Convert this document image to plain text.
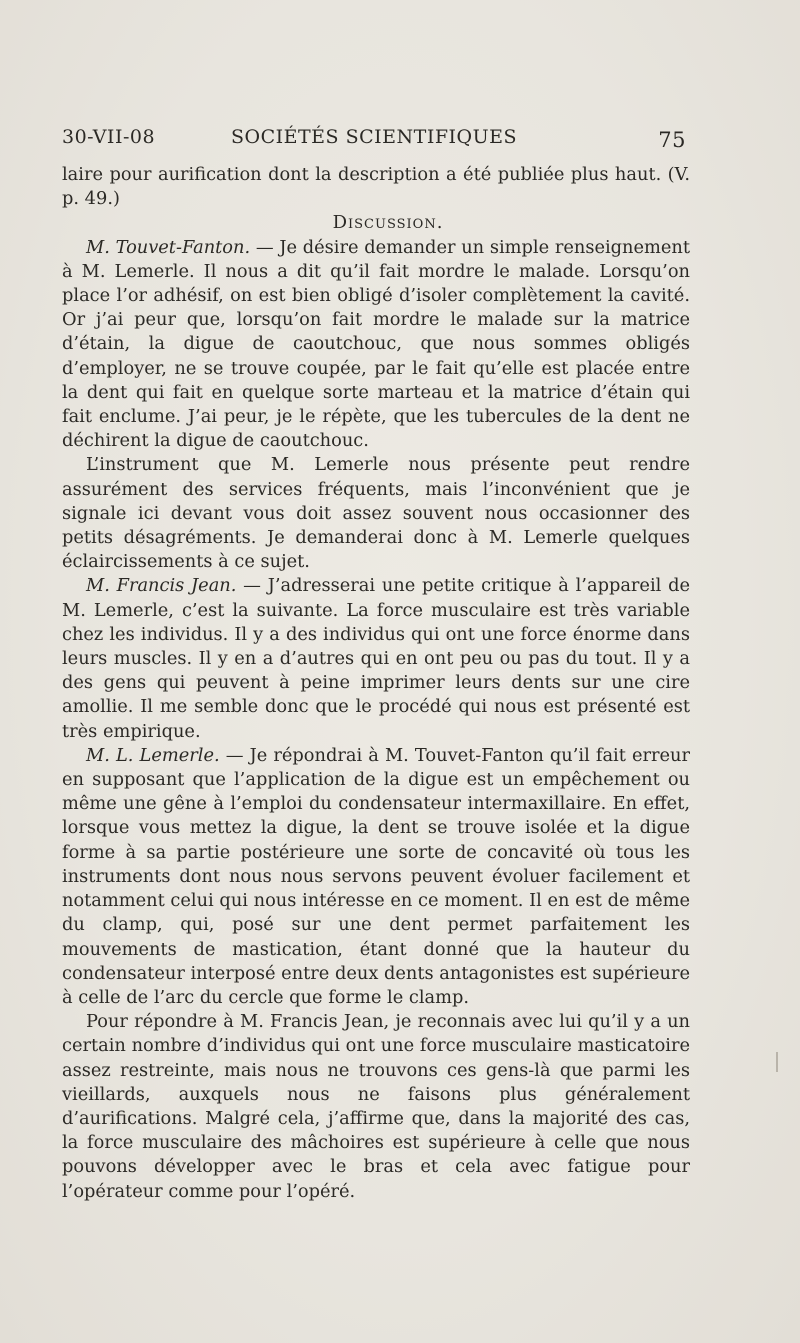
30-VII-08	SOCIÉTÉS SCIENTIFIQUES	75

laire pour aurification dont la description a été publiée plus haut. (V. p. 49.)

Discussion.

M. Touvet-Fanton. — Je désire demander un simple renseignement à M. Lemerle. Il nous a dit qu’il fait mordre le malade. Lorsqu’on place l’or adhésif, on est bien obligé d’isoler complètement la cavité. Or j’ai peur que, lorsqu’on fait mordre le malade sur la matrice d’étain, la digue de caoutchouc, que nous sommes obligés d’employer, ne se trouve coupée, par le fait qu’elle est placée entre la dent qui fait en quelque sorte marteau et la matrice d’étain qui fait enclume. J’ai peur, je le répète, que les tubercules de la dent ne déchirent la digue de caoutchouc.

L’instrument que M. Lemerle nous présente peut rendre assurément des services fréquents, mais l’inconvénient que je signale ici devant vous doit assez souvent nous occasionner des petits désagréments. Je demanderai donc à M. Lemerle quelques éclaircissements à ce sujet.

M. Francis Jean. — J’adresserai une petite critique à l’appareil de M. Lemerle, c’est la suivante. La force musculaire est très variable chez les individus. Il y a des individus qui ont une force énorme dans leurs muscles. Il y en a d’autres qui en ont peu ou pas du tout. Il y a des gens qui peuvent à peine imprimer leurs dents sur une cire amollie. Il me semble donc que le procédé qui nous est présenté est très empirique.

M. L. Lemerle. — Je répondrai à M. Touvet-Fanton qu’il fait erreur en supposant que l’application de la digue est un empêchement ou même une gêne à l’emploi du condensateur intermaxillaire. En effet, lorsque vous mettez la digue, la dent se trouve isolée et la digue forme à sa partie postérieure une sorte de concavité où tous les instruments dont nous nous servons peuvent évoluer facilement et notamment celui qui nous intéresse en ce moment. Il en est de même du clamp, qui, posé sur une dent permet parfaitement les mouvements de mastication, étant donné que la hauteur du condensateur interposé entre deux dents antagonistes est supérieure à celle de l’arc du cercle que forme le clamp.

Pour répondre à M. Francis Jean, je reconnais avec lui qu’il y a un certain nombre d’individus qui ont une force musculaire masticatoire assez restreinte, mais nous ne trouvons ces gens-là que parmi les vieillards, auxquels nous ne faisons plus généralement d’aurifications. Malgré cela, j’affirme que, dans la majorité des cas, la force musculaire des mâchoires est supérieure à celle que nous pouvons développer avec le bras et cela avec fatigue pour l’opérateur comme pour l’opéré.
